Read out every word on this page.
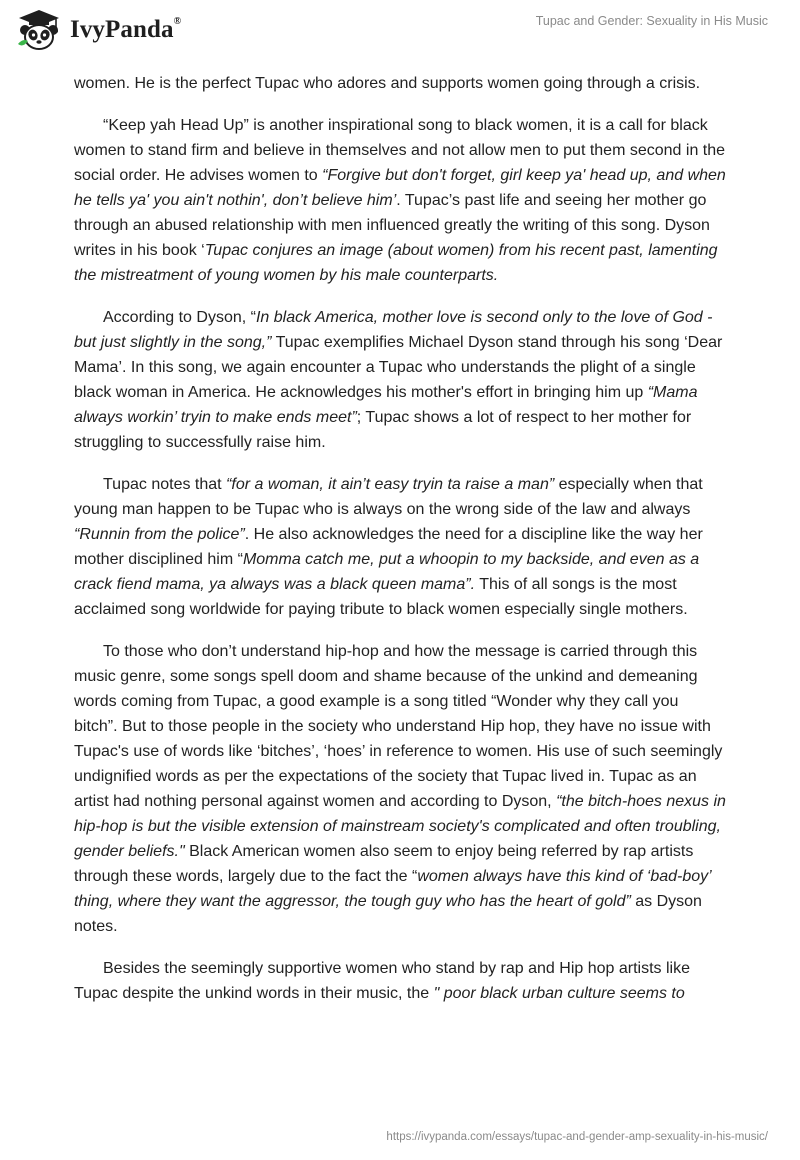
IvyPanda®	Tupac and Gender: Sexuality in His Music

women. He is the perfect Tupac who adores and supports women going through a crisis.

“Keep yah Head Up” is another inspirational song to black women, it is a call for black women to stand firm and believe in themselves and not allow men to put them second in the social order. He advises women to “Forgive but don't forget, girl keep ya' head up, and when he tells ya' you ain't nothin', don’t believe him’. Tupac’s past life and seeing her mother go through an abused relationship with men influenced greatly the writing of this song. Dyson writes in his book ‘Tupac conjures an image (about women) from his recent past, lamenting the mistreatment of young women by his male counterparts.

According to Dyson, “In black America, mother love is second only to the love of God - but just slightly in the song,” Tupac exemplifies Michael Dyson stand through his song ‘Dear Mama’. In this song, we again encounter a Tupac who understands the plight of a single black woman in America. He acknowledges his mother's effort in bringing him up “Mama always workin’ tryin to make ends meet”; Tupac shows a lot of respect to her mother for struggling to successfully raise him.

Tupac notes that “for a woman, it ain’t easy tryin ta raise a man” especially when that young man happen to be Tupac who is always on the wrong side of the law and always “Runnin from the police”. He also acknowledges the need for a discipline like the way her mother disciplined him “Momma catch me, put a whoopin to my backside, and even as a crack fiend mama, ya always was a black queen mama”. This of all songs is the most acclaimed song worldwide for paying tribute to black women especially single mothers.

To those who don’t understand hip-hop and how the message is carried through this music genre, some songs spell doom and shame because of the unkind and demeaning words coming from Tupac, a good example is a song titled “Wonder why they call you bitch”. But to those people in the society who understand Hip hop, they have no issue with Tupac's use of words like ‘bitches’, ‘hoes’ in reference to women. His use of such seemingly undignified words as per the expectations of the society that Tupac lived in. Tupac as an artist had nothing personal against women and according to Dyson, “the bitch-hoes nexus in hip-hop is but the visible extension of mainstream society's complicated and often troubling, gender beliefs." Black American women also seem to enjoy being referred by rap artists through these words, largely due to the fact the “women always have this kind of ‘bad-boy’ thing, where they want the aggressor, the tough guy who has the heart of gold” as Dyson notes.

Besides the seemingly supportive women who stand by rap and Hip hop artists like Tupac despite the unkind words in their music, the " poor black urban culture seems to

https://ivypanda.com/essays/tupac-and-gender-amp-sexuality-in-his-music/
